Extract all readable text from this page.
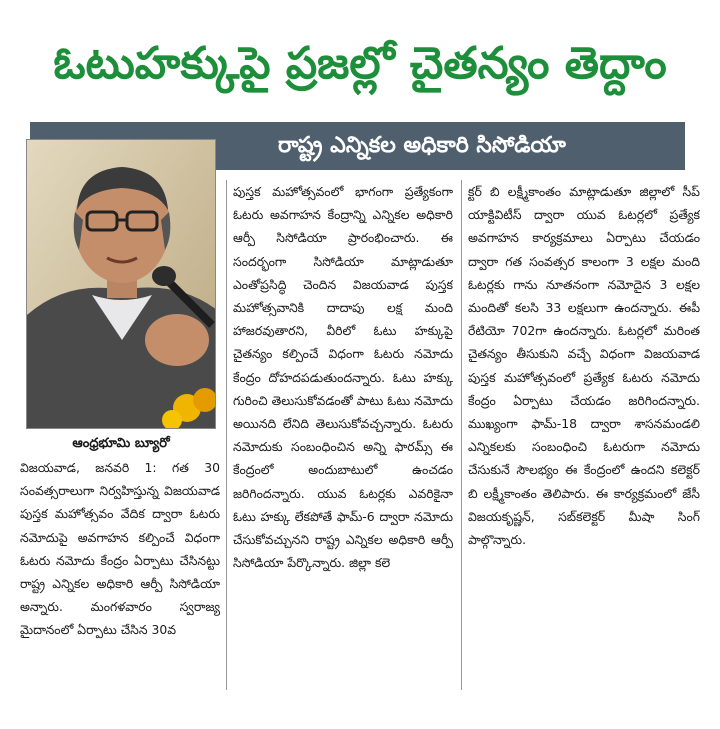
ఓటుహక్కుపై ప్రజల్లో చైతన్యం తెద్దాం
రాష్ట్ర ఎన్నికల అధికారి సిసోడియా
ఆంధ్రభూమి బ్యూరో

విజయవాడ, జనవరి 1: గత 30 సంవత్సరాలుగా నిర్వహిస్తున్న విజయవాడ పుస్తక మహోత్సవం వేదిక ద్వారా ఓటరు నమోదుపై అవగాహన కల్పించే విధంగా ఓటరు నమోదు కేంద్రం ఏర్పాటు చేసినట్టు రాష్ట్ర ఎన్నికల అధికారి ఆర్పీ సిసోడియా అన్నారు. మంగళవారం స్వరాజ్య మైదానంలో ఏర్పాటు చేసిన 30వ

పుస్తక మహోత్సవంలో భాగంగా ప్రత్యేకంగా ఓటరు అవగాహన కేంద్రాన్ని ఎన్నికల అధికారి ఆర్పీ సిసోడియా ప్రారంభించారు. ఈ సందర్భంగా సిసోడియా మాట్లాడుతూ ఎంతోప్రసిద్ధి చెందిన విజయవాడ పుస్తక మహోత్సవానికి దాదాపు లక్ష మంది హాజరవుతారని, వీరిలో ఓటు హక్కుపై చైతన్యం కల్పించే విధంగా ఓటరు నమోదు కేంద్రం దోహదపడుతుందన్నారు. ఓటు హక్కు గురించి తెలుసుకోవడంతో పాటు ఓటు నమోదు అయినది లేనిది తెలుసుకోవచ్చన్నారు. ఓటరు నమోదుకు సంబంధించిన అన్ని ఫారమ్స్ ఈ కేంద్రంలో అందుబాటులో ఉంచడం జరిగిందన్నారు. యువ ఓటర్లకు ఎవరికైనా ఓటు హక్కు లేకపోతే ఫామ్-6 ద్వారా నమోదు చేసుకోవచ్చునని రాష్ట్ర ఎన్నికల అధికారి ఆర్పీ సిసోడియా పేర్కొన్నారు. జిల్లా కలె

క్టర్ బి లక్ష్మీకాంతం మాట్లాడుతూ జిల్లాలో సీప్ యాక్టివిటీస్ ద్వారా యువ ఓటర్లలో ప్రత్యేక అవగాహన కార్యక్రమాలు ఏర్పాటు చేయడం ద్వారా గత సంవత్సర కాలంగా 3 లక్షల మంది ఓటర్లకు గాను నూతనంగా నమోదైన 3 లక్షల మందితో కలసి 33 లక్షలుగా ఉందన్నారు. ఈపీ రేటియో 702గా ఉందన్నారు. ఓటర్లలో మరింత చైతన్యం తీసుకుని వచ్చే విధంగా విజయవాడ పుస్తక మహోత్సవంలో ప్రత్యేక ఓటరు నమోదు కేంద్రం ఏర్పాటు చేయడం జరిగిందన్నారు. ముఖ్యంగా ఫామ్-18 ద్వారా శాసనమండలి ఎన్నికలకు సంబంధించి ఓటరుగా నమోదు చేసుకునే సౌలభ్యం ఈ కేంద్రంలో ఉందని కలెక్టర్ బి లక్ష్మీకాంతం తెలిపారు. ఈ కార్యక్రమంలో జేసీ విజయకృష్ణన్, సబ్‌కలెక్టర్ మీషా సింగ్ పాల్గొన్నారు.
